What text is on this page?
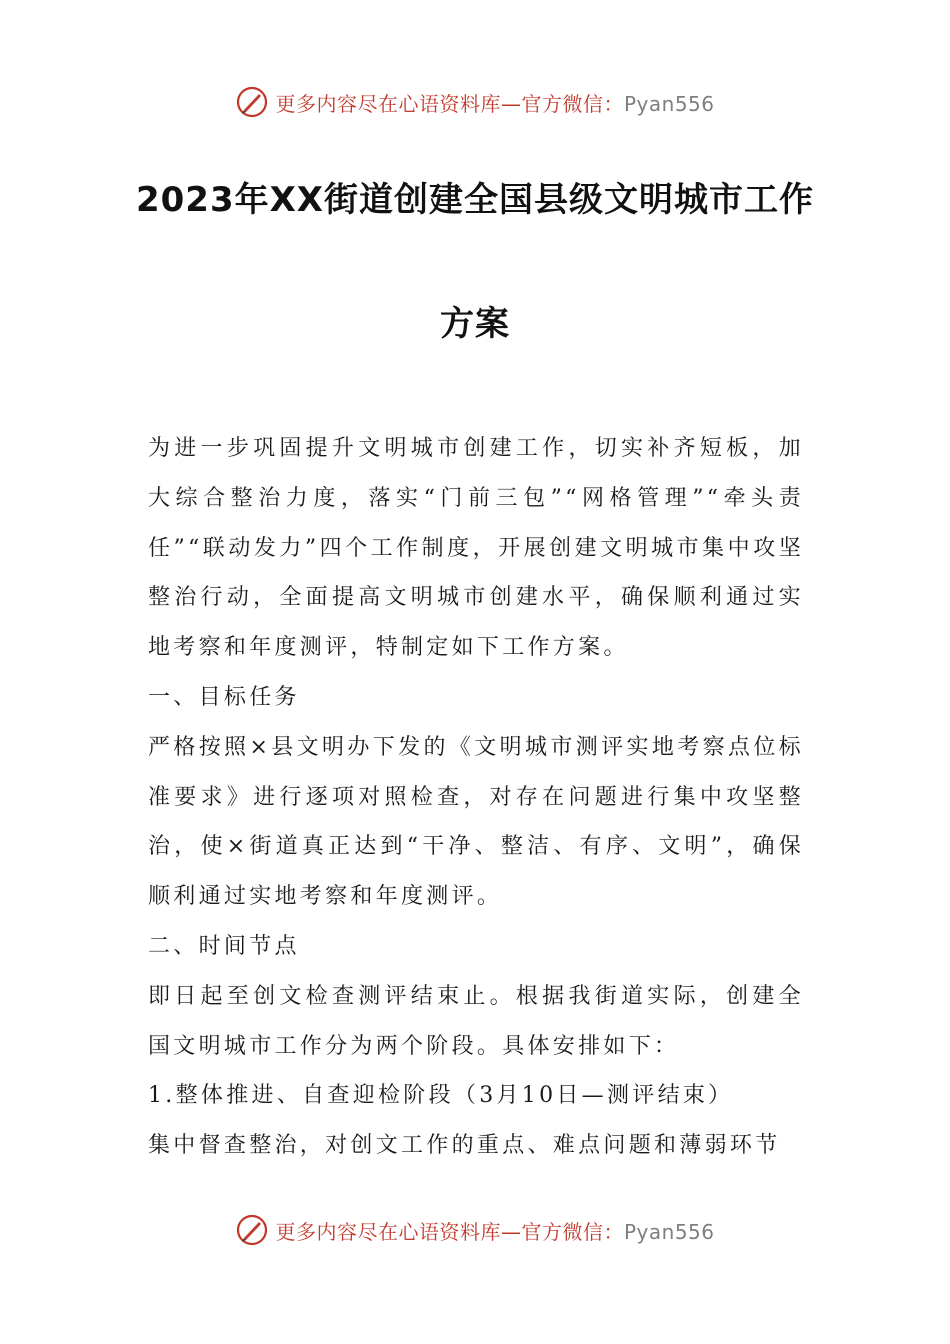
更多内容尽在心语资料库—官方微信：Pyan556
2023年XX街道创建全国县级文明城市工作
方案

为进一步巩固提升文明城市创建工作，切实补齐短板，加大综合整治力度，落实“门前三包”“网格管理”“牵头责任”“联动发力”四个工作制度，开展创建文明城市集中攻坚整治行动，全面提高文明城市创建水平，确保顺利通过实地考察和年度测评，特制定如下工作方案。

一、目标任务

严格按照×县文明办下发的《文明城市测评实地考察点位标准要求》进行逐项对照检查，对存在问题进行集中攻坚整治，使×街道真正达到“干净、整洁、有序、文明”，确保顺利通过实地考察和年度测评。

二、时间节点

即日起至创文检查测评结束止。根据我街道实际，创建全国文明城市工作分为两个阶段。具体安排如下：

1.整体推进、自查迎检阶段（3月10日—测评结束）

集中督查整治，对创文工作的重点、难点问题和薄弱环节

更多内容尽在心语资料库—官方微信：Pyan556
